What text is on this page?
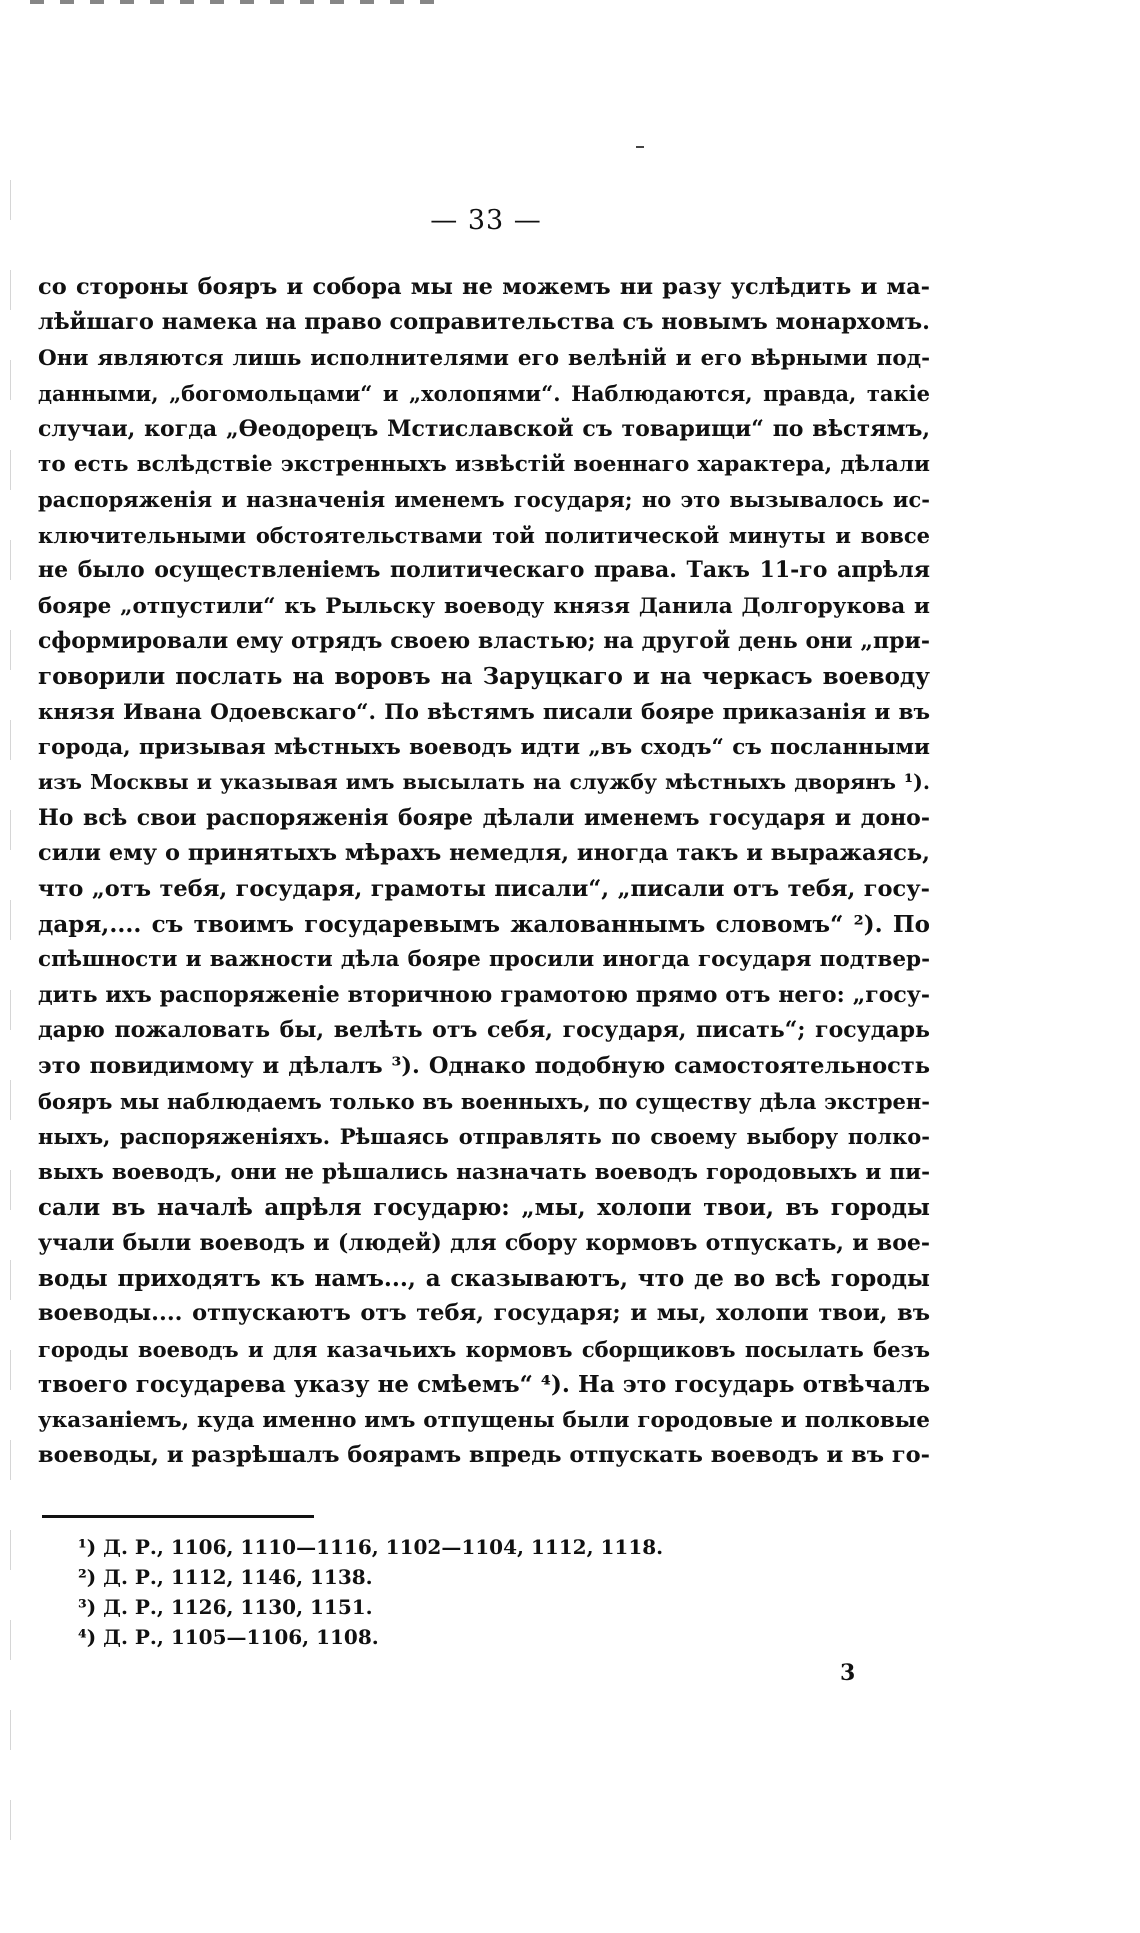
— 33 —
со стороны бояръ и собора мы не можемъ ни разу услѣдить и ма-
лѣйшаго намека на право соправительства съ новымъ монархомъ.
Они являются лишь исполнителями его велѣній и его вѣрными под-
данными, „богомольцами“ и „холопями“. Наблюдаются, правда, такіе
случаи, когда „Ѳеодорецъ Мстиславской съ товарищи“ по вѣстямъ,
то есть вслѣдствіе экстренныхъ извѣстій военнаго характера, дѣлали
распоряженія и назначенія именемъ государя; но это вызывалось ис-
ключительными обстоятельствами той политической минуты и вовсе
не было осуществленіемъ политическаго права. Такъ 11-го апрѣля
бояре „отпустили“ къ Рыльску воеводу князя Данила Долгорукова и
сформировали ему отрядъ своею властью; на другой день они „при-
говорили послать на воровъ на Заруцкаго и на черкасъ воеводу
князя Ивана Одоевскаго“. По вѣстямъ писали бояре приказанія и въ
города, призывая мѣстныхъ воеводъ идти „въ сходъ“ съ посланными
изъ Москвы и указывая имъ высылать на службу мѣстныхъ дворянъ ¹).
Но всѣ свои распоряженія бояре дѣлали именемъ государя и доно-
сили ему о принятыхъ мѣрахъ немедля, иногда такъ и выражаясь,
что „отъ тебя, государя, грамоты писали“, „писали отъ тебя, госу-
даря,.... съ твоимъ государевымъ жалованнымъ словомъ“ ²). По
спѣшности и важности дѣла бояре просили иногда государя подтвер-
дить ихъ распоряженіе вторичною грамотою прямо отъ него: „госу-
дарю пожаловать бы, велѣть отъ себя, государя, писать“; государь
это повидимому и дѣлалъ ³). Однако подобную самостоятельность
бояръ мы наблюдаемъ только въ военныхъ, по существу дѣла экстрен-
ныхъ, распоряженіяхъ. Рѣшаясь отправлять по своему выбору полко-
выхъ воеводъ, они не рѣшались назначать воеводъ городовыхъ и пи-
сали въ началѣ апрѣля государю: „мы, холопи твои, въ городы
учали были воеводъ и (людей) для сбору кормовъ отпускать, и вое-
воды приходятъ къ намъ..., а сказываютъ, что де во всѣ городы
воеводы.... отпускаютъ отъ тебя, государя; и мы, холопи твои, въ
городы воеводъ и для казачьихъ кормовъ сборщиковъ посылать безъ
твоего государева указу не смѣемъ“ ⁴). На это государь отвѣчалъ
указаніемъ, куда именно имъ отпущены были городовые и полковые
воеводы, и разрѣшалъ боярамъ впредь отпускать воеводъ и въ го-
¹) Д. Р., 1106, 1110—1116, 1102—1104, 1112, 1118.
²) Д. Р., 1112, 1146, 1138.
³) Д. Р., 1126, 1130, 1151.
⁴) Д. Р., 1105—1106, 1108.
3
